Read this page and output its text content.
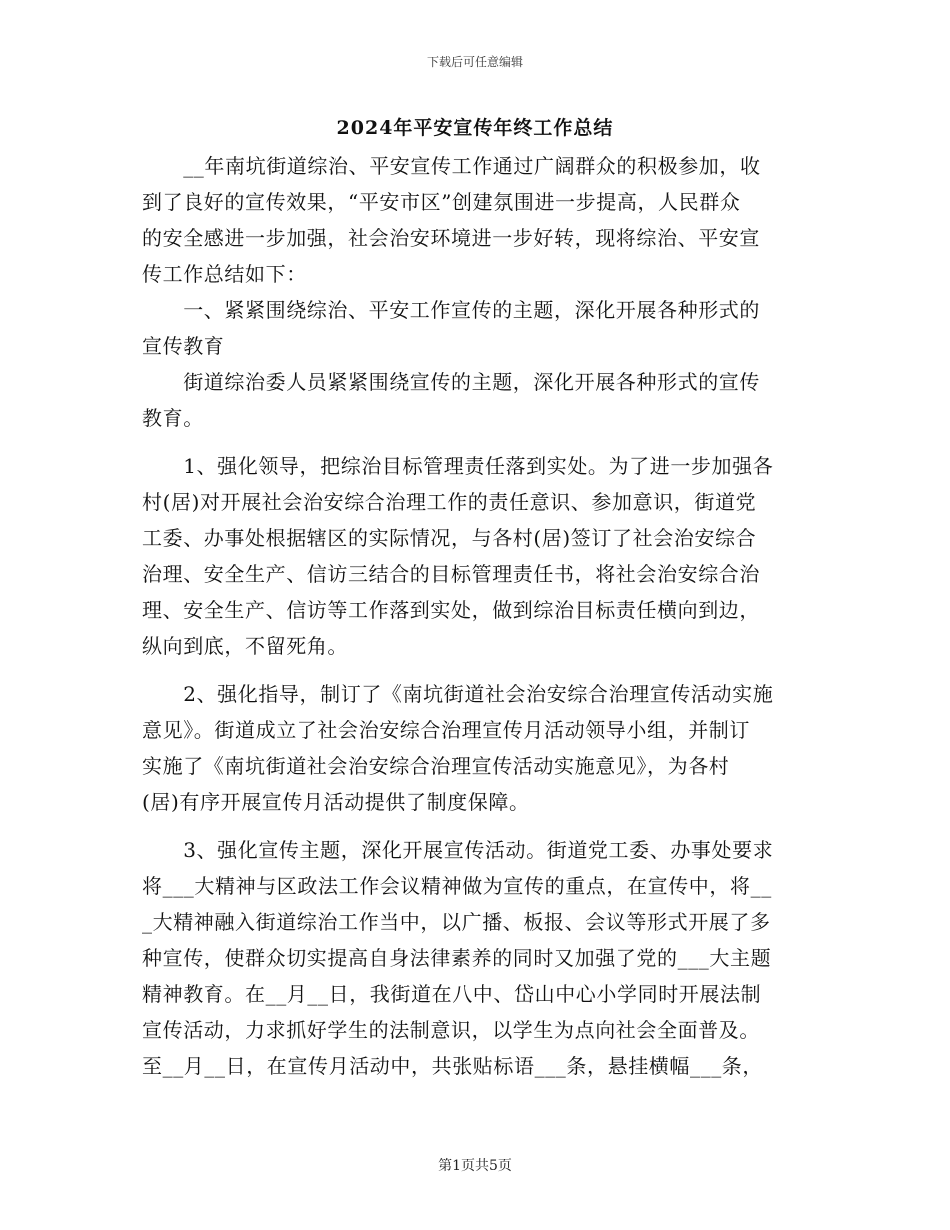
下载后可任意编辑
2024年平安宣传年终工作总结
　　__年南坑街道综治、平安宣传工作通过广阔群众的积极参加，收
到了良好的宣传效果，“平安市区”创建氛围进一步提高，人民群众
的安全感进一步加强，社会治安环境进一步好转，现将综治、平安宣
传工作总结如下：
　　一、紧紧围绕综治、平安工作宣传的主题，深化开展各种形式的
宣传教育
　　街道综治委人员紧紧围绕宣传的主题，深化开展各种形式的宣传
教育。
　　1、强化领导，把综治目标管理责任落到实处。为了进一步加强各
村(居)对开展社会治安综合治理工作的责任意识、参加意识，街道党
工委、办事处根据辖区的实际情况，与各村(居)签订了社会治安综合
治理、安全生产、信访三结合的目标管理责任书，将社会治安综合治
理、安全生产、信访等工作落到实处，做到综治目标责任横向到边，
纵向到底，不留死角。
　　2、强化指导，制订了《南坑街道社会治安综合治理宣传活动实施
意见》。街道成立了社会治安综合治理宣传月活动领导小组，并制订
实施了《南坑街道社会治安综合治理宣传活动实施意见》，为各村
(居)有序开展宣传月活动提供了制度保障。
　　3、强化宣传主题，深化开展宣传活动。街道党工委、办事处要求
将___大精神与区政法工作会议精神做为宣传的重点，在宣传中，将__
_大精神融入街道综治工作当中，以广播、板报、会议等形式开展了多
种宣传，使群众切实提高自身法律素养的同时又加强了党的___大主题
精神教育。在__月__日，我街道在八中、岱山中心小学同时开展法制
宣传活动，力求抓好学生的法制意识，以学生为点向社会全面普及。
至__月__日，在宣传月活动中，共张贴标语___条，悬挂横幅___条，
第1页共5页
